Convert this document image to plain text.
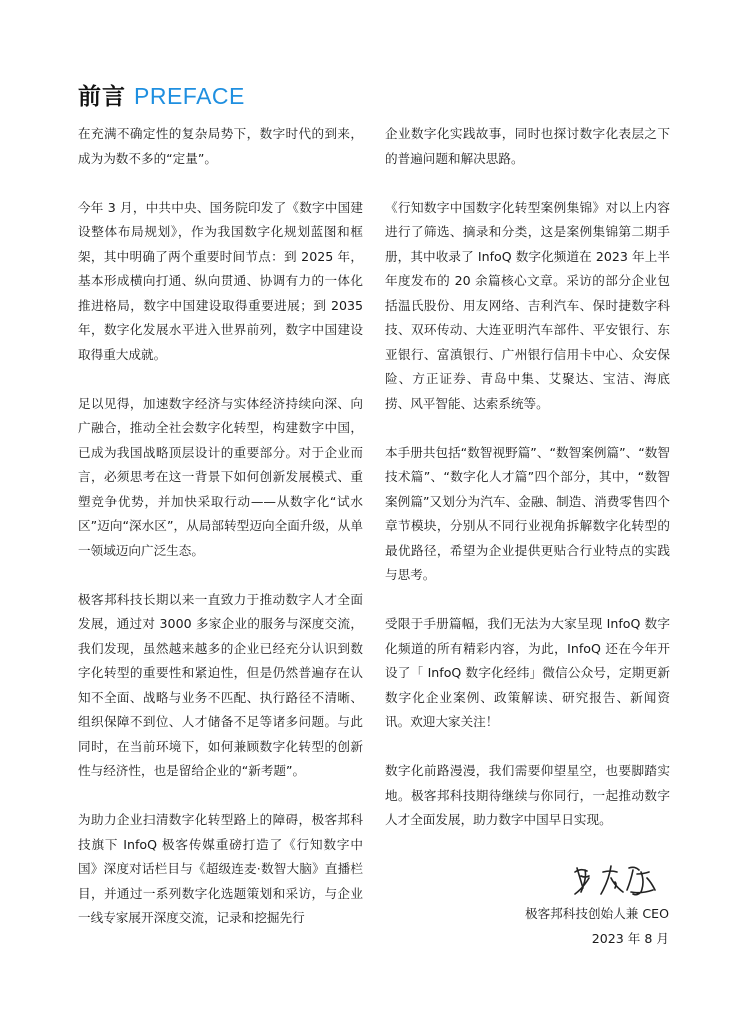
前言 PREFACE

在充满不确定性的复杂局势下，数字时代的到来，成为为数不多的“定量”。

今年 3 月，中共中央、国务院印发了《数字中国建设整体布局规划》，作为我国数字化规划蓝图和框架，其中明确了两个重要时间节点：到 2025 年，基本形成横向打通、纵向贯通、协调有力的一体化推进格局，数字中国建设取得重要进展；到 2035 年，数字化发展水平进入世界前列，数字中国建设取得重大成就。

足以见得，加速数字经济与实体经济持续向深、向广融合，推动全社会数字化转型，构建数字中国，已成为我国战略顶层设计的重要部分。对于企业而言，必须思考在这一背景下如何创新发展模式、重塑竞争优势，并加快采取行动——从数字化“试水区”迈向“深水区”，从局部转型迈向全面升级，从单一领域迈向广泛生态。

极客邦科技长期以来一直致力于推动数字人才全面发展，通过对 3000 多家企业的服务与深度交流，我们发现，虽然越来越多的企业已经充分认识到数字化转型的重要性和紧迫性，但是仍然普遍存在认知不全面、战略与业务不匹配、执行路径不清晰、组织保障不到位、人才储备不足等诸多问题。与此同时，在当前环境下，如何兼顾数字化转型的创新性与经济性，也是留给企业的“新考题”。

为助力企业扫清数字化转型路上的障碍，极客邦科技旗下 InfoQ 极客传媒重磅打造了《行知数字中国》深度对话栏目与《超级连麦·数智大脑》直播栏目，并通过一系列数字化选题策划和采访，与企业一线专家展开深度交流，记录和挖掘先行

企业数字化实践故事，同时也探讨数字化表层之下的普遍问题和解决思路。

《行知数字中国数字化转型案例集锦》对以上内容进行了筛选、摘录和分类，这是案例集锦第二期手册，其中收录了 InfoQ 数字化频道在 2023 年上半年度发布的 20 余篇核心文章。采访的部分企业包括温氏股份、用友网络、吉利汽车、保时捷数字科技、双环传动、大连亚明汽车部件、平安银行、东亚银行、富滇银行、广州银行信用卡中心、众安保险、方正证券、青岛中集、艾聚达、宝洁、海底捞、风平智能、达索系统等。

本手册共包括“数智视野篇”、“数智案例篇”、“数智技术篇”、“数字化人才篇”四个部分，其中，“数智案例篇”又划分为汽车、金融、制造、消费零售四个章节模块，分别从不同行业视角拆解数字化转型的最优路径，希望为企业提供更贴合行业特点的实践与思考。

受限于手册篇幅，我们无法为大家呈现 InfoQ 数字化频道的所有精彩内容，为此，InfoQ 还在今年开设了「 InfoQ 数字化经纬」微信公众号，定期更新数字化企业案例、政策解读、研究报告、新闻资讯。欢迎大家关注！

数字化前路漫漫，我们需要仰望星空，也要脚踏实地。极客邦科技期待继续与你同行，一起推动数字人才全面发展，助力数字中国早日实现。

极客邦科技创始人兼 CEO
2023 年 8 月
